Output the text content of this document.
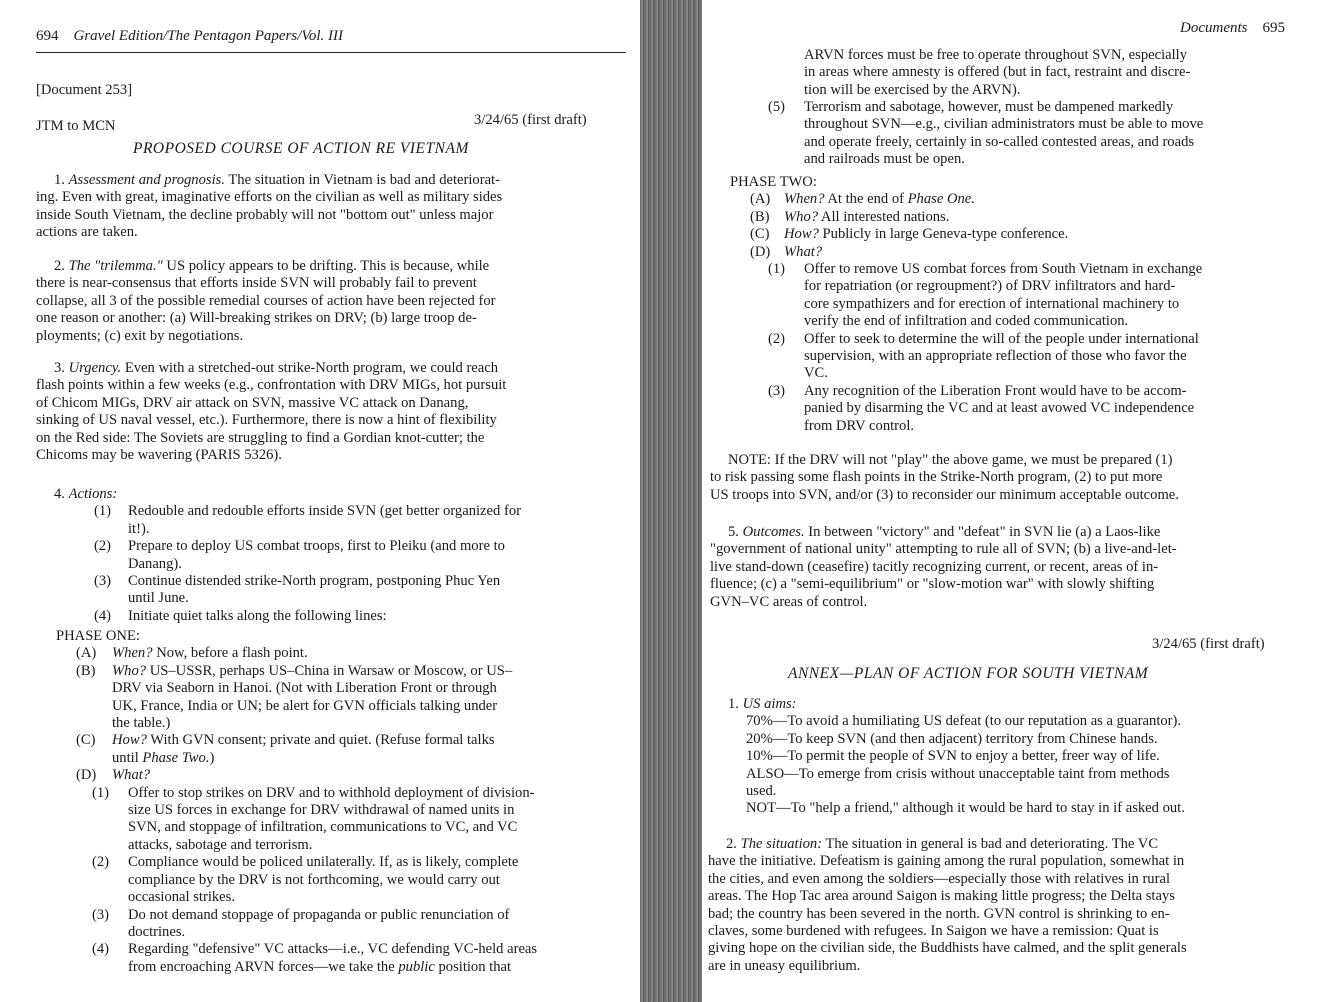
694 Gravel Edition/The Pentagon Papers/Vol. III
[Document 253]
JTM to MCN	3/24/65 (first draft)
PROPOSED COURSE OF ACTION RE VIETNAM
1. Assessment and prognosis. The situation in Vietnam is bad and deteriorat-
ing. Even with great, imaginative efforts on the civilian as well as military sides
inside South Vietnam, the decline probably will not "bottom out" unless major
actions are taken.
2. The "trilemma." US policy appears to be drifting. This is because, while
there is near-consensus that efforts inside SVN will probably fail to prevent
collapse, all 3 of the possible remedial courses of action have been rejected for
one reason or another: (a) Will-breaking strikes on DRV; (b) large troop de-
ployments; (c) exit by negotiations.
3. Urgency. Even with a stretched-out strike-North program, we could reach
flash points within a few weeks (e.g., confrontation with DRV MIGs, hot pursuit
of Chicom MIGs, DRV air attack on SVN, massive VC attack on Danang,
sinking of US naval vessel, etc.). Furthermore, there is now a hint of flexibility
on the Red side: The Soviets are struggling to find a Gordian knot-cutter; the
Chicoms may be wavering (PARIS 5326).
4. Actions:
(1) Redouble and redouble efforts inside SVN (get better organized for
it!).
(2) Prepare to deploy US combat troops, first to Pleiku (and more to
Danang).
(3) Continue distended strike-North program, postponing Phuc Yen
until June.
(4) Initiate quiet talks along the following lines:
PHASE ONE:
(A) When? Now, before a flash point.
(B) Who? US–USSR, perhaps US–China in Warsaw or Moscow, or US–
DRV via Seaborn in Hanoi. (Not with Liberation Front or through
UK, France, India or UN; be alert for GVN officials talking under
the table.)
(C) How? With GVN consent; private and quiet. (Refuse formal talks
until Phase Two.)
(D) What?
(1) Offer to stop strikes on DRV and to withhold deployment of division-
size US forces in exchange for DRV withdrawal of named units in
SVN, and stoppage of infiltration, communications to VC, and VC
attacks, sabotage and terrorism.
(2) Compliance would be policed unilaterally. If, as is likely, complete
compliance by the DRV is not forthcoming, we would carry out
occasional strikes.
(3) Do not demand stoppage of propaganda or public renunciation of
doctrines.
(4) Regarding "defensive" VC attacks—i.e., VC defending VC-held areas
from encroaching ARVN forces—we take the public position that
Documents 695
ARVN forces must be free to operate throughout SVN, especially
in areas where amnesty is offered (but in fact, restraint and discre-
tion will be exercised by the ARVN).
(5) Terrorism and sabotage, however, must be dampened markedly
throughout SVN—e.g., civilian administrators must be able to move
and operate freely, certainly in so-called contested areas, and roads
and railroads must be open.
PHASE TWO:
(A) When? At the end of Phase One.
(B) Who? All interested nations.
(C) How? Publicly in large Geneva-type conference.
(D) What?
(1) Offer to remove US combat forces from South Vietnam in exchange
for repatriation (or regroupment?) of DRV infiltrators and hard-
core sympathizers and for erection of international machinery to
verify the end of infiltration and coded communication.
(2) Offer to seek to determine the will of the people under international
supervision, with an appropriate reflection of those who favor the
VC.
(3) Any recognition of the Liberation Front would have to be accom-
panied by disarming the VC and at least avowed VC independence
from DRV control.
NOTE: If the DRV will not "play" the above game, we must be prepared (1)
to risk passing some flash points in the Strike-North program, (2) to put more
US troops into SVN, and/or (3) to reconsider our minimum acceptable outcome.
5. Outcomes. In between "victory" and "defeat" in SVN lie (a) a Laos-like
"government of national unity" attempting to rule all of SVN; (b) a live-and-let-
live stand-down (ceasefire) tacitly recognizing current, or recent, areas of in-
fluence; (c) a "semi-equilibrium" or "slow-motion war" with slowly shifting
GVN–VC areas of control.
3/24/65 (first draft)
ANNEX—PLAN OF ACTION FOR SOUTH VIETNAM
1. US aims:
70%—To avoid a humiliating US defeat (to our reputation as a guarantor).
20%—To keep SVN (and then adjacent) territory from Chinese hands.
10%—To permit the people of SVN to enjoy a better, freer way of life.
ALSO—To emerge from crisis without unacceptable taint from methods
used.
NOT—To "help a friend," although it would be hard to stay in if asked out.
2. The situation: The situation in general is bad and deteriorating. The VC
have the initiative. Defeatism is gaining among the rural population, somewhat in
the cities, and even among the soldiers—especially those with relatives in rural
areas. The Hop Tac area around Saigon is making little progress; the Delta stays
bad; the country has been severed in the north. GVN control is shrinking to en-
claves, some burdened with refugees. In Saigon we have a remission: Quat is
giving hope on the civilian side, the Buddhists have calmed, and the split generals
are in uneasy equilibrium.
